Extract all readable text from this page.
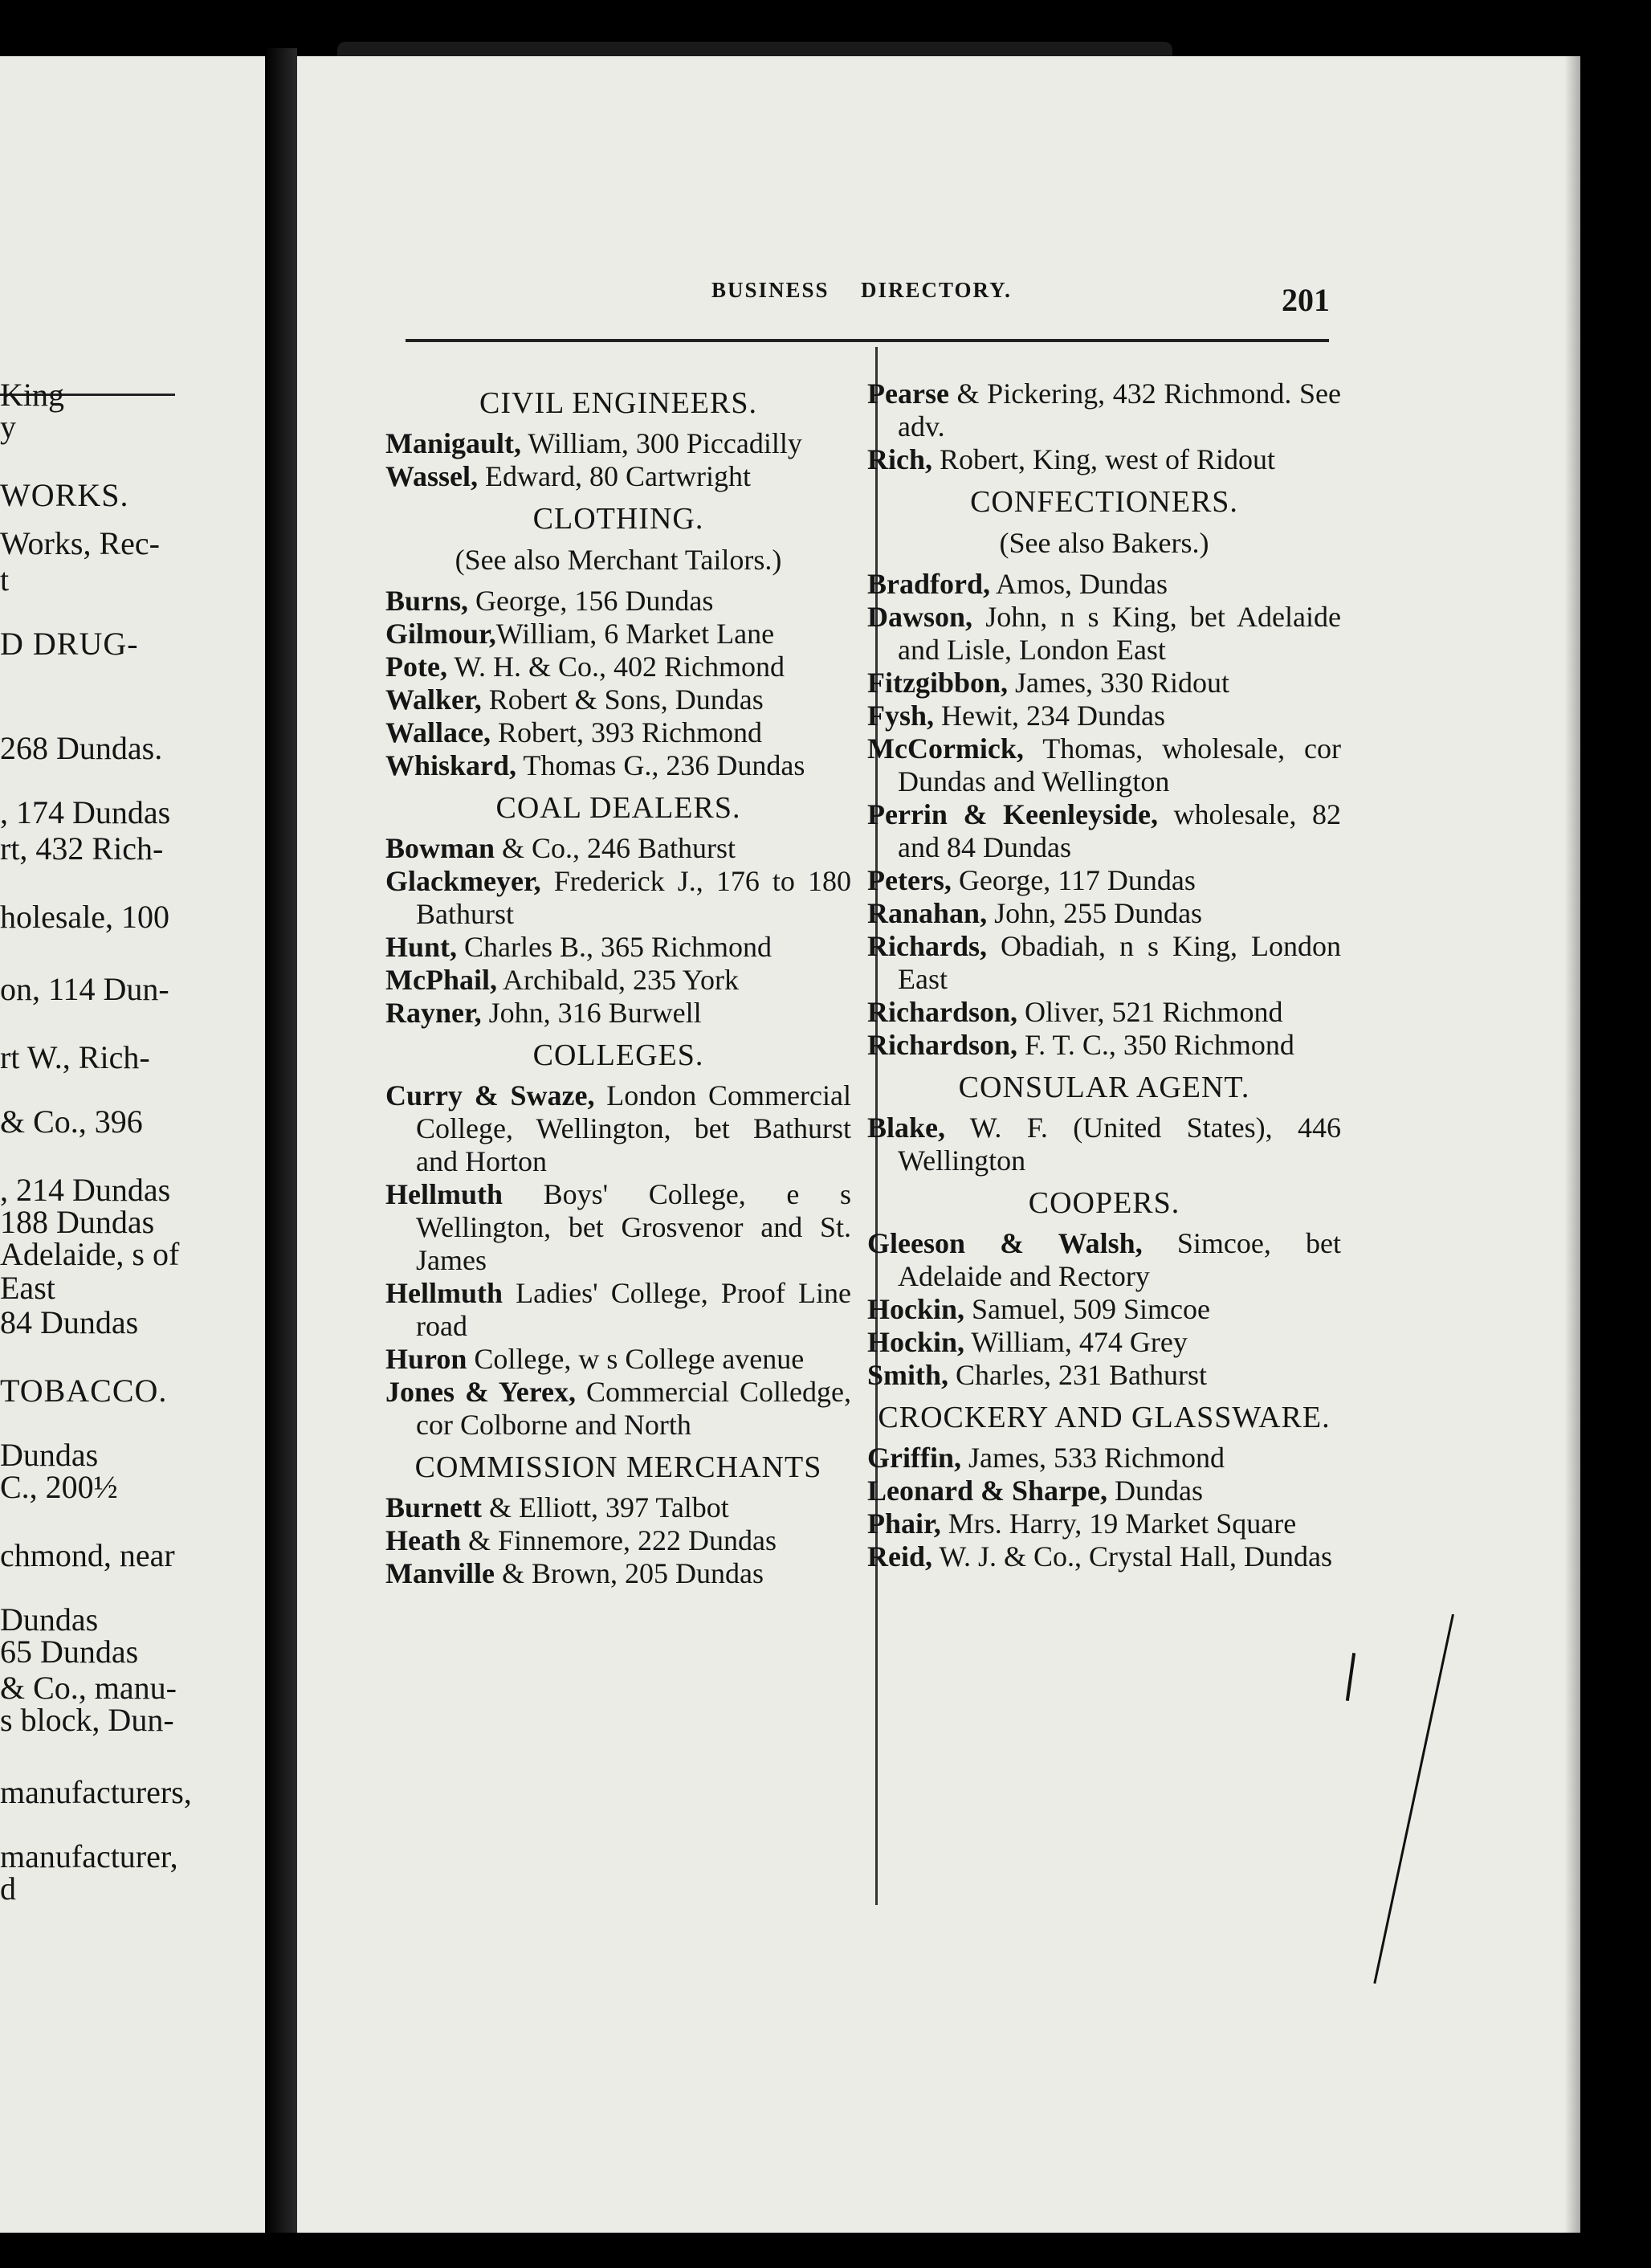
King
y
WORKS.
Works, Rec-
t
D DRUG-
268 Dundas.
, 174 Dundas
rt, 432 Rich-
holesale, 100
on, 114 Dun-
rt W., Rich-
& Co., 396
, 214 Dundas
188 Dundas
Adelaide, s of
East
84 Dundas
TOBACCO.
Dundas
C., 200½
chmond, near
Dundas
65 Dundas
& Co., manu-
s block, Dun-
manufacturers,
manufacturer,
d
BUSINESS DIRECTORY.	201
CIVIL ENGINEERS.

Manigault, William, 300 Piccadilly

Wassel, Edward, 80 Cartwright

CLOTHING.
(See also Merchant Tailors.)

Burns, George, 156 Dundas

Gilmour,William, 6 Market Lane

Pote, W. H. & Co., 402 Richmond

Walker, Robert & Sons, Dundas

Wallace, Robert, 393 Richmond

Whiskard, Thomas G., 236 Dundas

COAL DEALERS.

Bowman & Co., 246 Bathurst

Glackmeyer, Frederick J., 176 to 180 Bathurst

Hunt, Charles B., 365 Richmond

McPhail, Archibald, 235 York

Rayner, John, 316 Burwell

COLLEGES.

Curry & Swaze, London Commercial College, Wellington, bet Bathurst and Horton

Hellmuth Boys' College, e s Wellington, bet Grosvenor and St. James

Hellmuth Ladies' College, Proof Line road

Huron College, w s College avenue

Jones & Yerex, Commercial Colledge, cor Colborne and North

COMMISSION MERCHANTS

Burnett & Elliott, 397 Talbot

Heath & Finnemore, 222 Dundas

Manville & Brown, 205 Dundas

Pearse & Pickering, 432 Richmond. See adv.

Rich, Robert, King, west of Ridout

CONFECTIONERS.
(See also Bakers.)

Bradford, Amos, Dundas

Dawson, John, n s King, bet Adelaide and Lisle, London East

Fitzgibbon, James, 330 Ridout

Fysh, Hewit, 234 Dundas

McCormick, Thomas, wholesale, cor Dundas and Wellington

Perrin & Keenleyside, wholesale, 82 and 84 Dundas

Peters, George, 117 Dundas

Ranahan, John, 255 Dundas

Richards, Obadiah, n s King, London East

Richardson, Oliver, 521 Richmond

Richardson, F. T. C., 350 Richmond

CONSULAR AGENT.

Blake, W. F. (United States), 446 Wellington

COOPERS.

Gleeson & Walsh, Simcoe, bet Adelaide and Rectory

Hockin, Samuel, 509 Simcoe

Hockin, William, 474 Grey

Smith, Charles, 231 Bathurst

CROCKERY AND GLASSWARE.

Griffin, James, 533 Richmond

Leonard & Sharpe, Dundas

Phair, Mrs. Harry, 19 Market Square

Reid, W. J. & Co., Crystal Hall, Dundas
